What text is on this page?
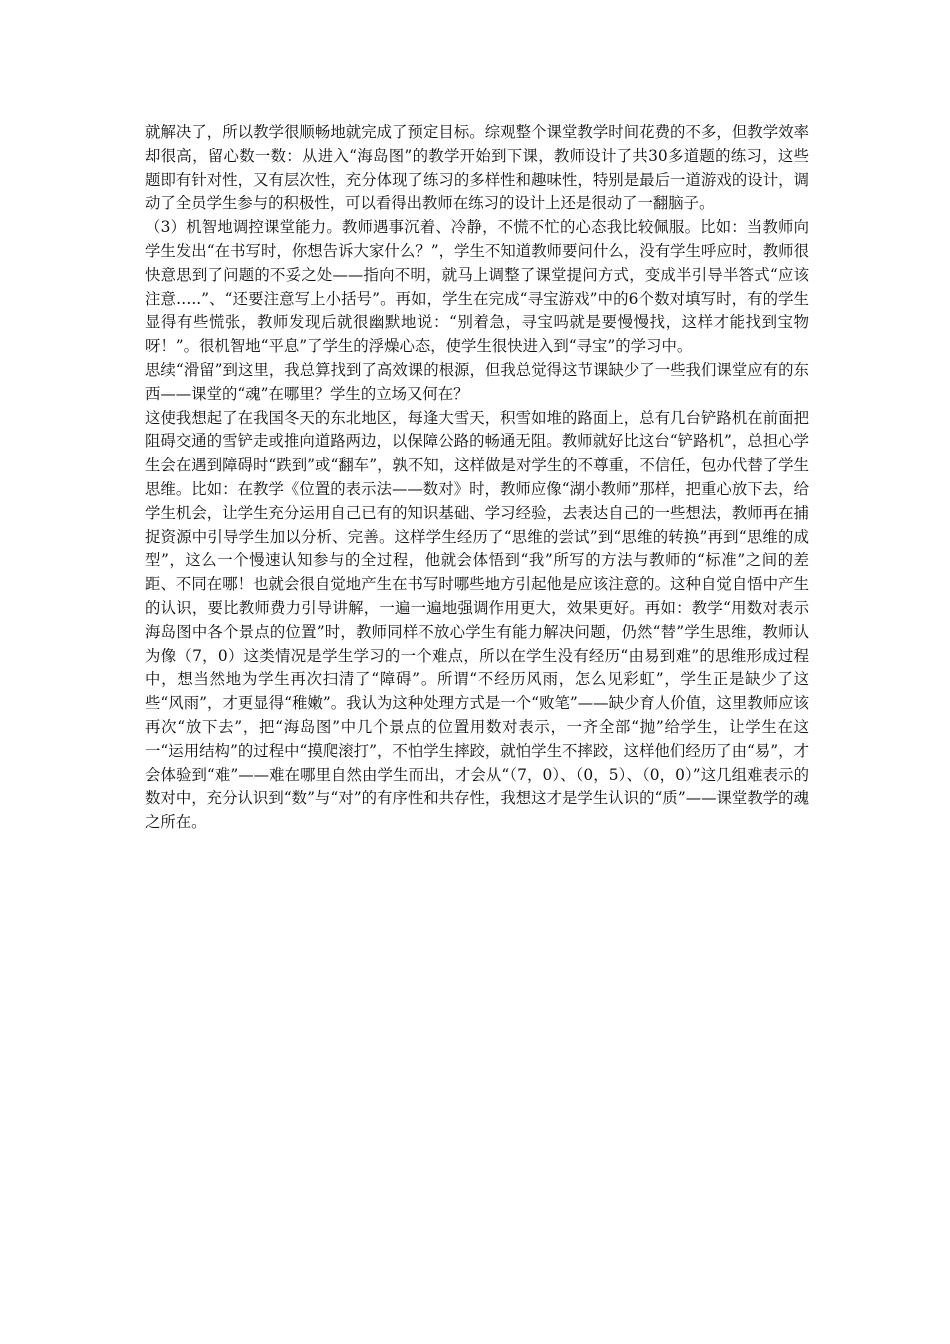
就解决了，所以教学很顺畅地就完成了预定目标。综观整个课堂教学时间花费的不多，但教学效率却很高，留心数一数：从进入“海岛图”的教学开始到下课，教师设计了共30多道题的练习，这些题即有针对性，又有层次性，充分体现了练习的多样性和趣味性，特别是最后一道游戏的设计，调动了全员学生参与的积极性，可以看得出教师在练习的设计上还是很动了一翻脑子。

（3）机智地调控课堂能力。教师遇事沉着、冷静，不慌不忙的心态我比较佩服。比如：当教师向学生发出“在书写时，你想告诉大家什么？”，学生不知道教师要问什么，没有学生呼应时，教师很快意思到了问题的不妥之处——指向不明，就马上调整了课堂提问方式，变成半引导半答式“应该注意…..”、“还要注意写上小括号”。再如，学生在完成“寻宝游戏”中的6个数对填写时，有的学生显得有些慌张，教师发现后就很幽默地说：“别着急，寻宝吗就是要慢慢找，这样才能找到宝物呀！”。很机智地“平息”了学生的浮燥心态，使学生很快进入到“寻宝”的学习中。

思续“滑留”到这里，我总算找到了高效课的根源，但我总觉得这节课缺少了一些我们课堂应有的东西——课堂的“魂”在哪里？学生的立场又何在？

这使我想起了在我国冬天的东北地区，每逢大雪天，积雪如堆的路面上，总有几台铲路机在前面把阻碍交通的雪铲走或推向道路两边，以保障公路的畅通无阻。教师就好比这台“铲路机”，总担心学生会在遇到障碍时“跌到”或“翻车”，孰不知，这样做是对学生的不尊重，不信任，包办代替了学生思维。比如：在教学《位置的表示法——数对》时，教师应像“湖小教师”那样，把重心放下去，给学生机会，让学生充分运用自己已有的知识基础、学习经验，去表达自己的一些想法，教师再在捕捉资源中引导学生加以分析、完善。这样学生经历了“思维的尝试”到“思维的转换”再到“思维的成型”，这么一个慢速认知参与的全过程，他就会体悟到“我”所写的方法与教师的“标准”之间的差距、不同在哪！也就会很自觉地产生在书写时哪些地方引起他是应该注意的。这种自觉自悟中产生的认识，要比教师费力引导讲解，一遍一遍地强调作用更大，效果更好。再如：教学“用数对表示海岛图中各个景点的位置”时，教师同样不放心学生有能力解决问题，仍然“替”学生思维，教师认为像（7，0）这类情况是学生学习的一个难点，所以在学生没有经历“由易到难”的思维形成过程中，想当然地为学生再次扫清了“障碍”。所谓“不经历风雨，怎么见彩虹”，学生正是缺少了这些“风雨”，才更显得“稚嫩”。我认为这种处理方式是一个“败笔”——缺少育人价值，这里教师应该再次“放下去”，把“海岛图”中几个景点的位置用数对表示，一齐全部“抛”给学生，让学生在这一“运用结构”的过程中“摸爬滚打”，不怕学生摔跤，就怕学生不摔跤，这样他们经历了由“易”，才会体验到“难”——难在哪里自然由学生而出，才会从“（7，0）、（0，5）、（0，0）”这几组难表示的数对中，充分认识到“数”与“对”的有序性和共存性，我想这才是学生认识的“质”——课堂教学的魂之所在。
